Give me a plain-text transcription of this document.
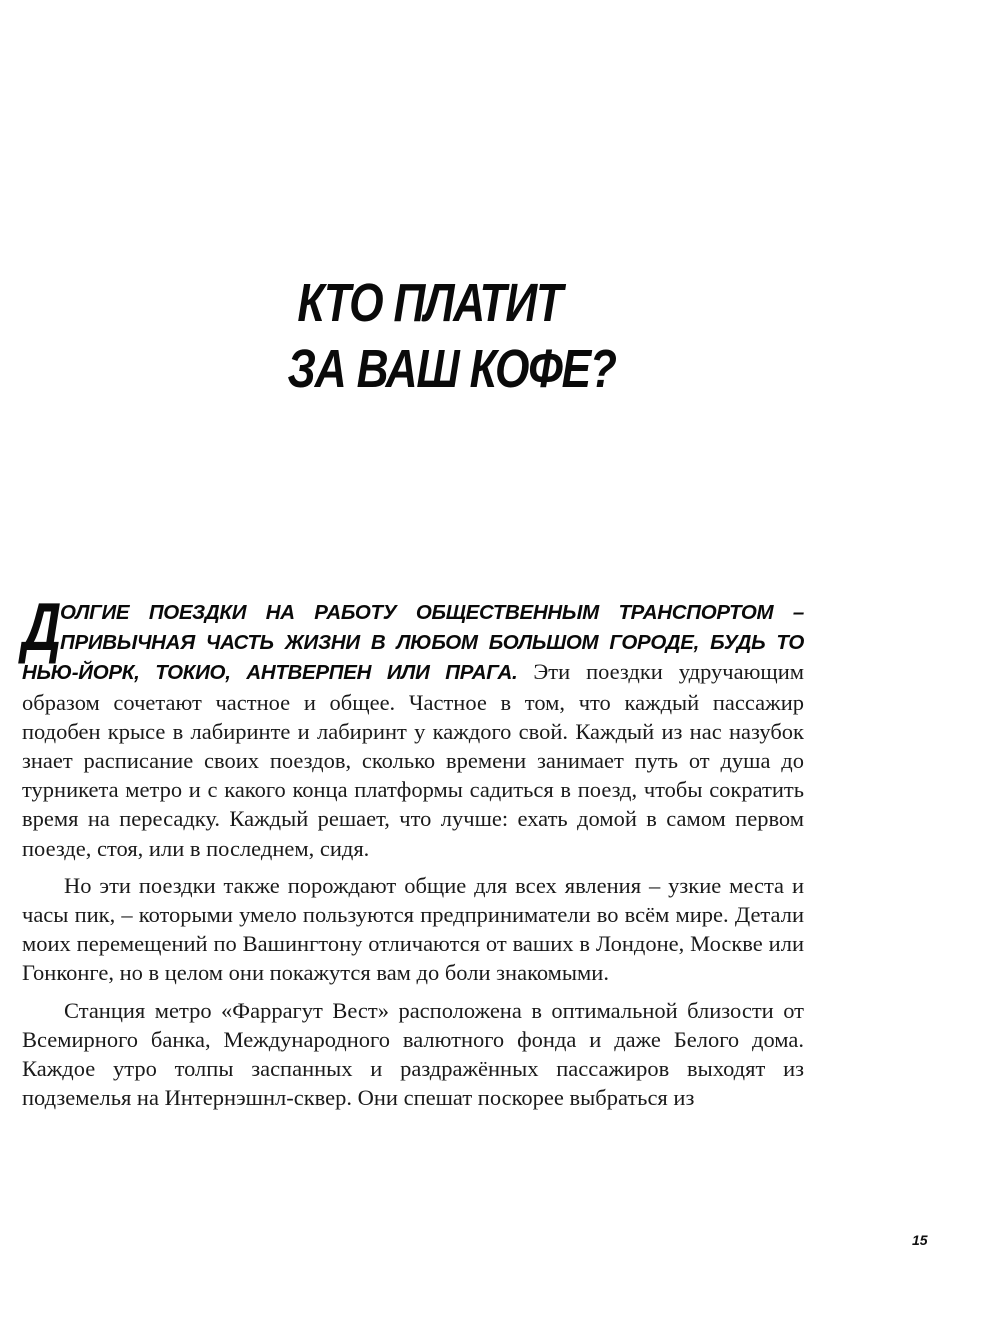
КТО ПЛАТИТ
ЗА ВАШ КОФЕ?

Д
ОЛГИЕ ПОЕЗДКИ НА РАБОТУ ОБЩЕСТВЕННЫМ ТРАНСПОРТОМ – ПРИВЫЧНАЯ ЧАСТЬ ЖИЗНИ В ЛЮБОМ БОЛЬШОМ ГОРОДЕ, БУДЬ ТО НЬЮ-ЙОРК, ТОКИО, АНТВЕРПЕН ИЛИ ПРАГА. Эти поездки удручающим образом сочетают частное и общее. Частное в том, что каждый пассажир подобен крысе в лабиринте и лабиринт у каждого свой. Каждый из нас назубок знает расписание своих поездов, сколько времени занимает путь от душа до турникета метро и с какого конца платформы садиться в поезд, чтобы сократить время на пересадку. Каждый решает, что лучше: ехать домой в самом первом поезде, стоя, или в последнем, сидя.

Но эти поездки также порождают общие для всех явления – узкие места и часы пик, – которыми умело пользуются предприниматели во всём мире. Детали моих перемещений по Вашингтону отличаются от ваших в Лондоне, Москве или Гонконге, но в целом они покажутся вам до боли знакомыми.

Станция метро «Фаррагут Вест» расположена в оптимальной близости от Всемирного банка, Международного валютного фонда и даже Белого дома. Каждое утро толпы заспанных и раздражённых пассажиров выходят из подземелья на Интернэшнл-сквер. Они спешат поскорее выбраться из

15
